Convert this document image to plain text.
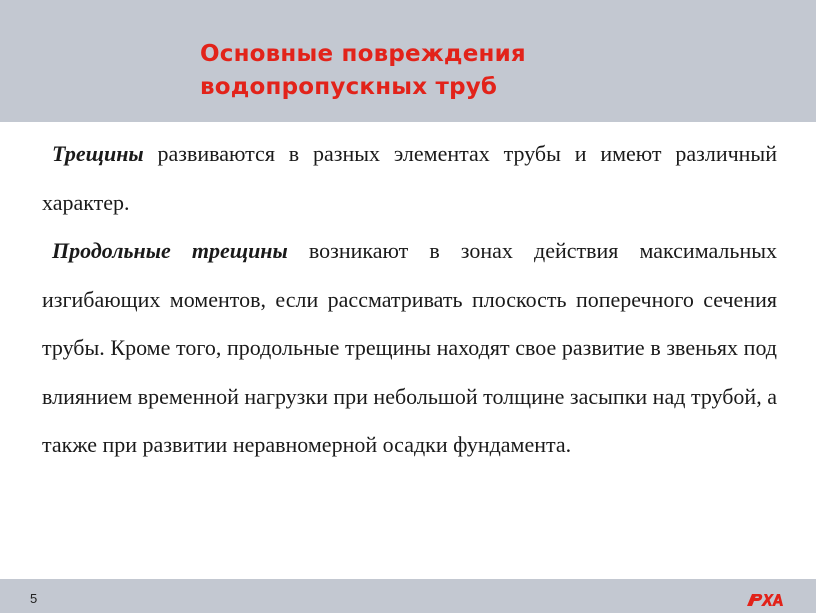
Основные повреждения
водопропускных труб

Трещины развиваются в разных элементах трубы и имеют различный характер.

Продольные трещины возникают в зонах действия максимальных изгибающих моментов, если рассматривать плоскость поперечного сечения трубы. Кроме того, продольные трещины находят свое развитие в звеньях под влиянием временной нагрузки при небольшой толщине засыпки над трубой, а также при развитии неравномерной осадки фундамента.

5
